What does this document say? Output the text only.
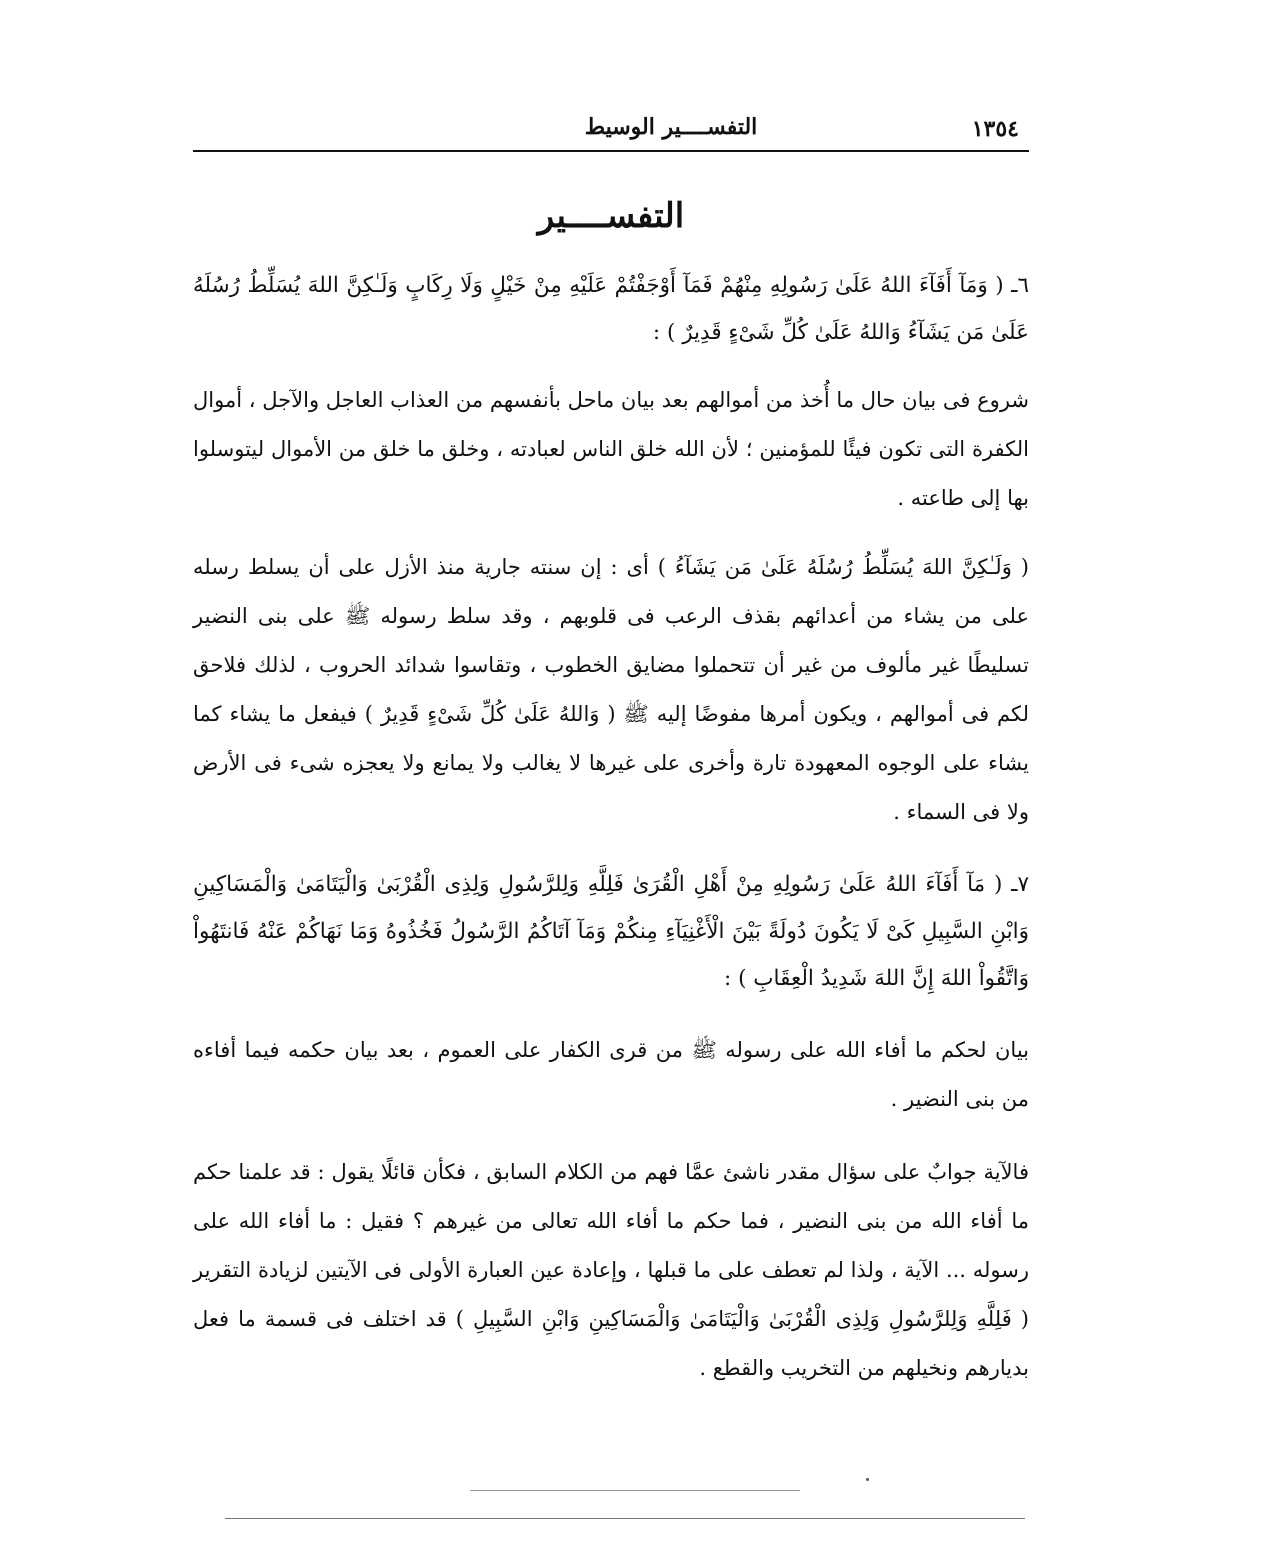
١٣٥٤
التفســــير الوسيط
التفســــير

٦ـ ( وَمَآ أَفَآءَ اللهُ عَلَىٰ رَسُولِهِ مِنْهُمْ فَمَآ أَوْجَفْتُمْ عَلَيْهِ مِنْ خَيْلٍ وَلَا رِكَابٍ وَلَـٰكِنَّ اللهَ يُسَلِّطُ رُسُلَهُ عَلَىٰ مَن يَشَآءُ وَاللهُ عَلَىٰ كُلِّ شَىْءٍ قَدِيرٌ ) :

شروع فى بيان حال ما أُخذ من أموالهم بعد بيان ماحل بأنفسهم من العذاب العاجل والآجل ، أموال الكفرة التى تكون فيئًا للمؤمنين ؛ لأن الله خلق الناس لعبادته ، وخلق ما خلق من الأموال ليتوسلوا بها إلى طاعته .

( وَلَـٰكِنَّ اللهَ يُسَلِّطُ رُسُلَهُ عَلَىٰ مَن يَشَآءُ ) أى : إن سنته جارية منذ الأزل على أن يسلط رسله على من يشاء من أعدائهم بقذف الرعب فى قلوبهم ، وقد سلط رسوله ﷺ على بنى النضير تسليطًا غير مألوف من غير أن تتحملوا مضايق الخطوب ، وتقاسوا شدائد الحروب ، لذلك فلاحق لكم فى أموالهم ، ويكون أمرها مفوضًا إليه ﷺ ( وَاللهُ عَلَىٰ كُلِّ شَىْءٍ قَدِيرٌ ) فيفعل ما يشاء كما يشاء على الوجوه المعهودة تارة وأخرى على غيرها لا يغالب ولا يمانع ولا يعجزه شىء فى الأرض ولا فى السماء .

٧ـ ( مَآ أَفَآءَ اللهُ عَلَىٰ رَسُولِهِ مِنْ أَهْلِ الْقُرَىٰ فَلِلَّهِ وَلِلرَّسُولِ وَلِذِى الْقُرْبَىٰ وَالْيَتَامَىٰ وَالْمَسَاكِينِ وَابْنِ السَّبِيلِ كَىْ لَا يَكُونَ دُولَةً بَيْنَ الْأَغْنِيَآءِ مِنكُمْ وَمَآ آتَاكُمُ الرَّسُولُ فَخُذُوهُ وَمَا نَهَاكُمْ عَنْهُ فَانتَهُواْ وَاتَّقُواْ اللهَ إِنَّ اللهَ شَدِيدُ الْعِقَابِ ) :

بيان لحكم ما أفاء الله على رسوله ﷺ من قرى الكفار على العموم ، بعد بيان حكمه فيما أفاءه من بنى النضير .

فالآية جوابٌ على سؤال مقدر ناشئ عمَّا فهم من الكلام السابق ، فكأن قائلًا يقول : قد علمنا حكم ما أفاء الله من بنى النضير ، فما حكم ما أفاء الله تعالى من غيرهم ؟ فقيل : ما أفاء الله على رسوله ... الآية ، ولذا لم تعطف على ما قبلها ، وإعادة عين العبارة الأولى فى الآيتين لزيادة التقرير ( فَلِلَّهِ وَلِلرَّسُولِ وَلِذِى الْقُرْبَىٰ وَالْيَتَامَىٰ وَالْمَسَاكِينِ وَابْنِ السَّبِيلِ ) قد اختلف فى قسمة ما فعل بديارهم ونخيلهم من التخريب والقطع .
